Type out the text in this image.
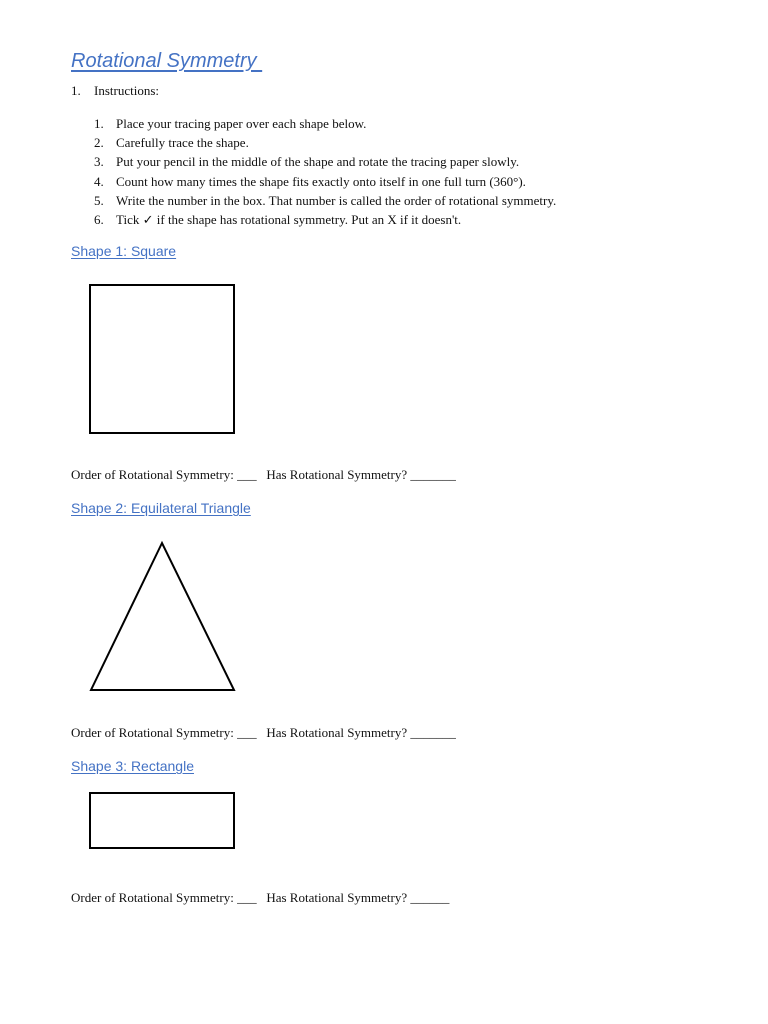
Rotational Symmetry
1. Instructions:
1. Place your tracing paper over each shape below.
2. Carefully trace the shape.
3. Put your pencil in the middle of the shape and rotate the tracing paper slowly.
4. Count how many times the shape fits exactly onto itself in one full turn (360°).
5. Write the number in the box. That number is called the order of rotational symmetry.
6. Tick ✓ if the shape has rotational symmetry. Put an X if it doesn't.
Shape 1: Square
Order of Rotational Symmetry: ___   Has Rotational Symmetry? _______
Shape 2: Equilateral Triangle
Order of Rotational Symmetry: ___   Has Rotational Symmetry? _______
Shape 3: Rectangle
Order of Rotational Symmetry: ___   Has Rotational Symmetry? ______
